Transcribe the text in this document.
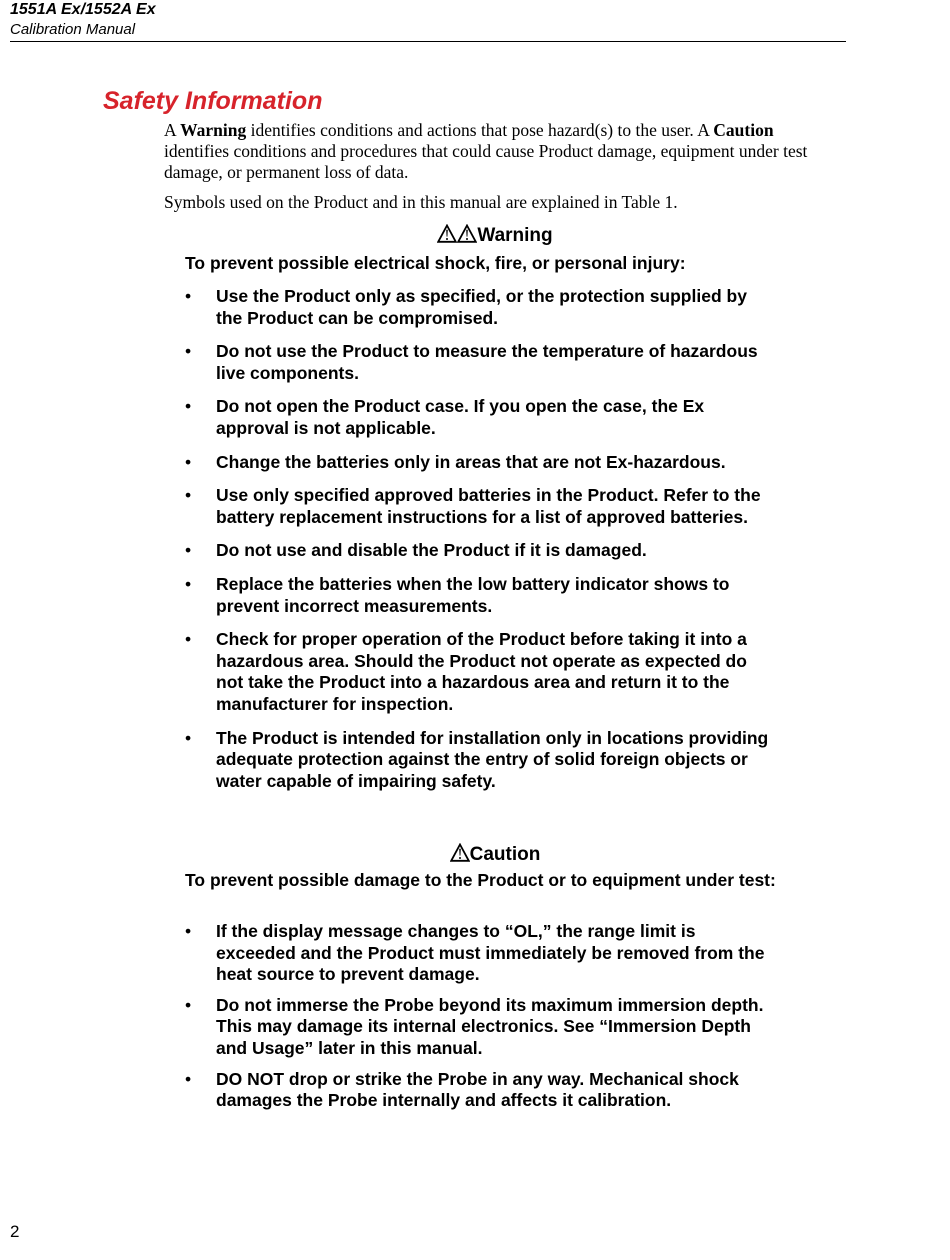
1551A Ex/1552A Ex
Calibration Manual
Safety Information

A Warning identifies conditions and actions that pose hazard(s) to the user. A Caution identifies conditions and procedures that could cause Product damage, equipment under test damage, or permanent loss of data.

Symbols used on the Product and in this manual are explained in Table 1.

Warning

To prevent possible electrical shock, fire, or personal injury:

• Use the Product only as specified, or the protection supplied by the Product can be compromised.
• Do not use the Product to measure the temperature of hazardous live components.
• Do not open the Product case. If you open the case, the Ex approval is not applicable.
• Change the batteries only in areas that are not Ex-hazardous.
• Use only specified approved batteries in the Product. Refer to the battery replacement instructions for a list of approved batteries.
• Do not use and disable the Product if it is damaged.
• Replace the batteries when the low battery indicator shows to prevent incorrect measurements.
• Check for proper operation of the Product before taking it into a hazardous area. Should the Product not operate as expected do not take the Product into a hazardous area and return it to the manufacturer for inspection.
• The Product is intended for installation only in locations providing adequate protection against the entry of solid foreign objects or water capable of impairing safety.
Caution

To prevent possible damage to the Product or to equipment under test:

• If the display message changes to “OL,” the range limit is exceeded and the Product must immediately be removed from the heat source to prevent damage.
• Do not immerse the Probe beyond its maximum immersion depth. This may damage its internal electronics. See “Immersion Depth and Usage” later in this manual.
• DO NOT drop or strike the Probe in any way. Mechanical shock damages the Probe internally and affects it calibration.
2
